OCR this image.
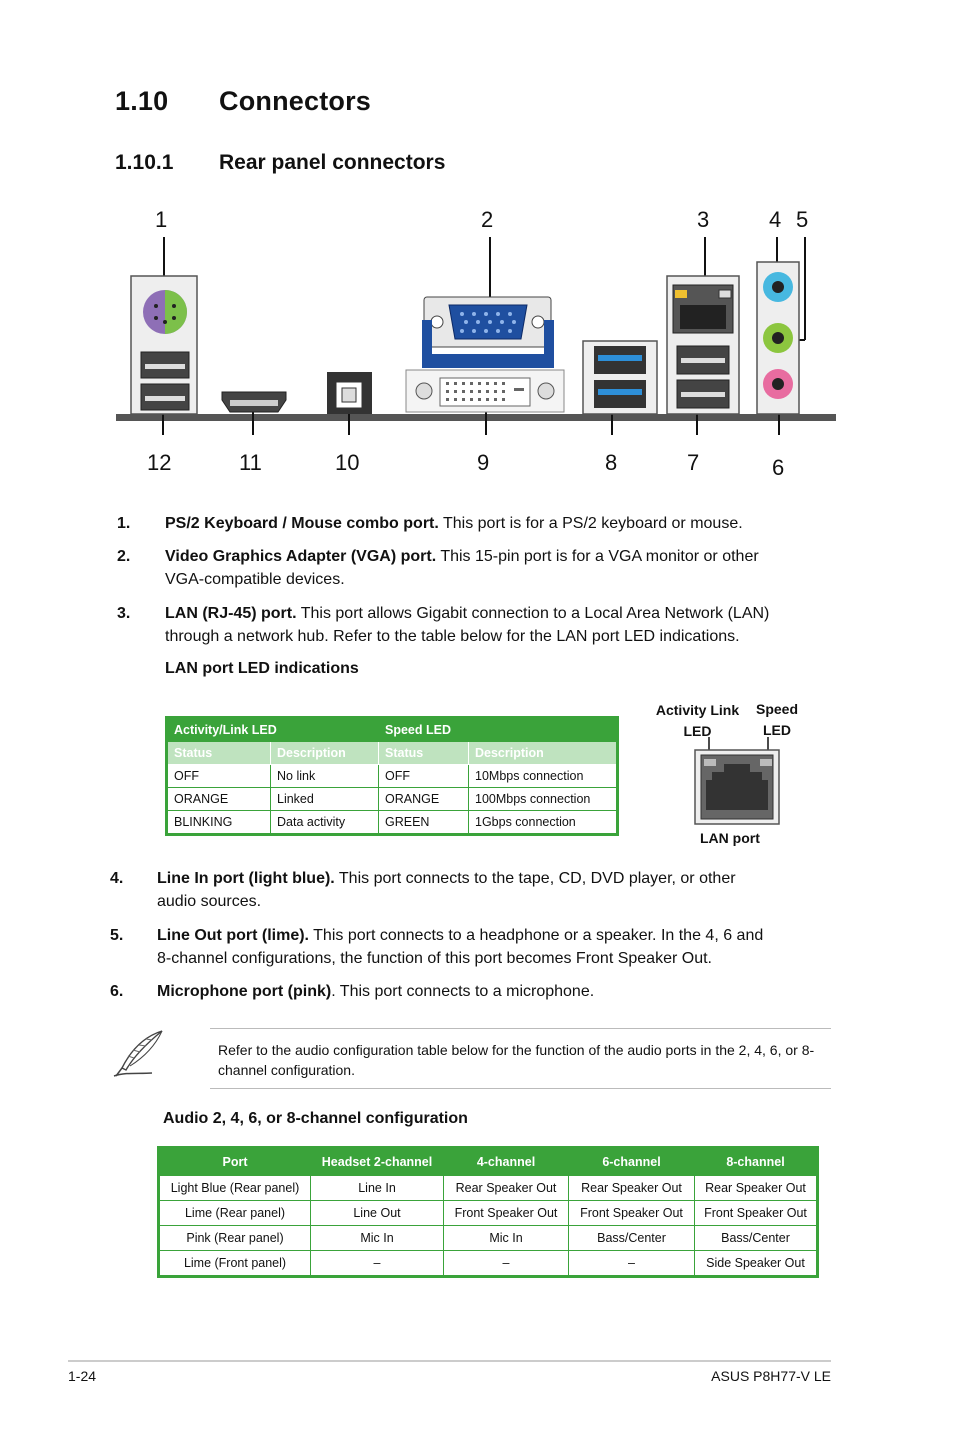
1.10 Connectors
1.10.1 Rear panel connectors
1	2	3	4 5
12	11	10	9	8	7	6
1. PS/2 Keyboard / Mouse combo port. This port is for a PS/2 keyboard or mouse.
2. Video Graphics Adapter (VGA) port. This 15-pin port is for a VGA monitor or other
VGA-compatible devices.
3. LAN (RJ-45) port. This port allows Gigabit connection to a Local Area Network (LAN)
through a network hub. Refer to the table below for the LAN port LED indications.
LAN port LED indications
Activity/Link LED		Speed LED	
Status	Description	Status	Description
OFF	No link	OFF	10Mbps connection
ORANGE	Linked	ORANGE	100Mbps connection
BLINKING	Data activity	GREEN	1Gbps connection
Activity Link
LED
Speed
LED
LAN port
4. Line In port (light blue). This port connects to the tape, CD, DVD player, or other
audio sources.
5. Line Out port (lime). This port connects to a headphone or a speaker. In the 4, 6 and
8-channel configurations, the function of this port becomes Front Speaker Out.
6. Microphone port (pink). This port connects to a microphone.
Refer to the audio configuration table below for the function of the audio ports in the 2, 4, 6, or 8-channel configuration.
Audio 2, 4, 6, or 8-channel configuration
Port	Headset 2-channel	4-channel	6-channel	8-channel
Light Blue (Rear panel)	Line In	Rear Speaker Out	Rear Speaker Out	Rear Speaker Out
Lime (Rear panel)	Line Out	Front Speaker Out	Front Speaker Out	Front Speaker Out
Pink (Rear panel)	Mic In	Mic In	Bass/Center	Bass/Center
Lime (Front panel)	–	–	–	Side Speaker Out
1-24	ASUS P8H77-V LE
